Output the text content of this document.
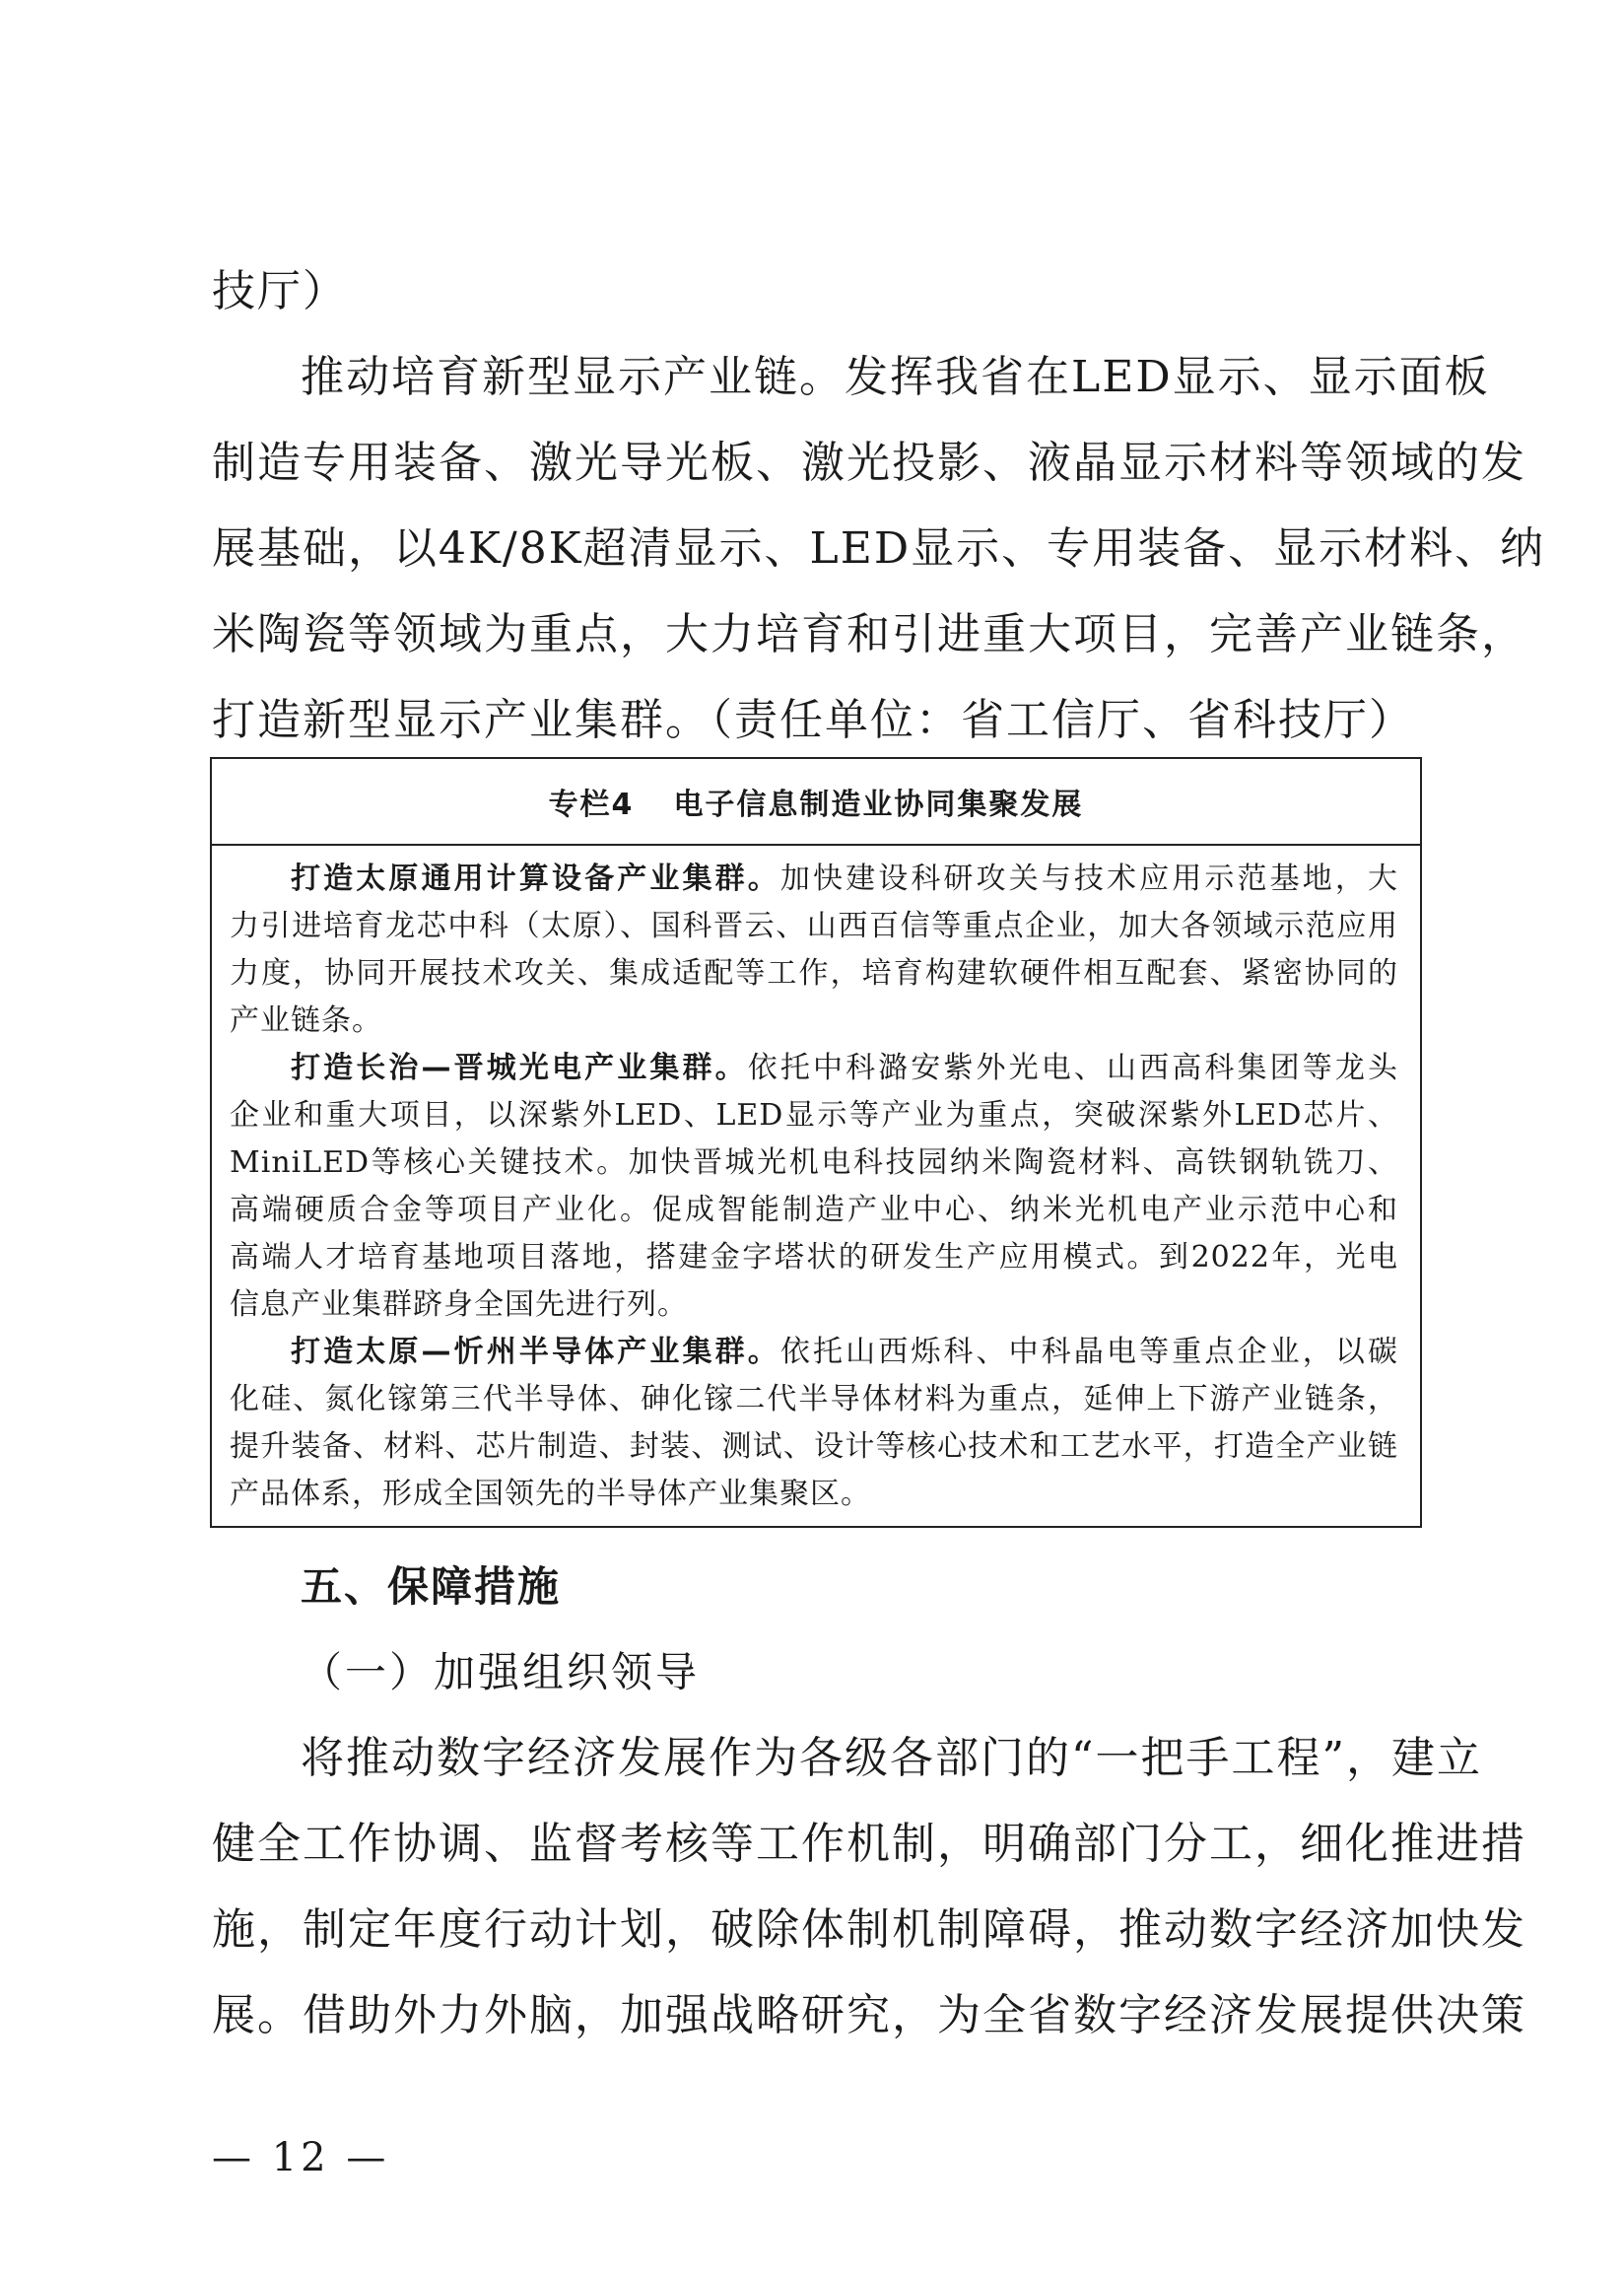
技厅）
推动培育新型显示产业链。发挥我省在LED显示、显示面板
制造专用装备、激光导光板、激光投影、液晶显示材料等领域的发
展基础，以4K/8K超清显示、LED显示、专用装备、显示材料、纳
米陶瓷等领域为重点，大力培育和引进重大项目，完善产业链条，
打造新型显示产业集群。（责任单位：省工信厅、省科技厅）
专栏4 电子信息制造业协同集聚发展
打造太原通用计算设备产业集群。加快建设科研攻关与技术应用示范基地，大
力引进培育龙芯中科（太原）、国科晋云、山西百信等重点企业，加大各领域示范应用
力度，协同开展技术攻关、集成适配等工作，培育构建软硬件相互配套、紧密协同的
产业链条。
打造长治—晋城光电产业集群。依托中科潞安紫外光电、山西高科集团等龙头
企业和重大项目，以深紫外LED、LED显示等产业为重点，突破深紫外LED芯片、
MiniLED等核心关键技术。加快晋城光机电科技园纳米陶瓷材料、高铁钢轨铣刀、
高端硬质合金等项目产业化。促成智能制造产业中心、纳米光机电产业示范中心和
高端人才培育基地项目落地，搭建金字塔状的研发生产应用模式。到2022年，光电
信息产业集群跻身全国先进行列。
打造太原—忻州半导体产业集群。依托山西烁科、中科晶电等重点企业，以碳
化硅、氮化镓第三代半导体、砷化镓二代半导体材料为重点，延伸上下游产业链条，
提升装备、材料、芯片制造、封装、测试、设计等核心技术和工艺水平，打造全产业链
产品体系，形成全国领先的半导体产业集聚区。
五、保障措施
（一）加强组织领导
将推动数字经济发展作为各级各部门的“一把手工程”，建立
健全工作协调、监督考核等工作机制，明确部门分工，细化推进措
施，制定年度行动计划，破除体制机制障碍，推动数字经济加快发
展。借助外力外脑，加强战略研究，为全省数字经济发展提供决策
— 12 —
